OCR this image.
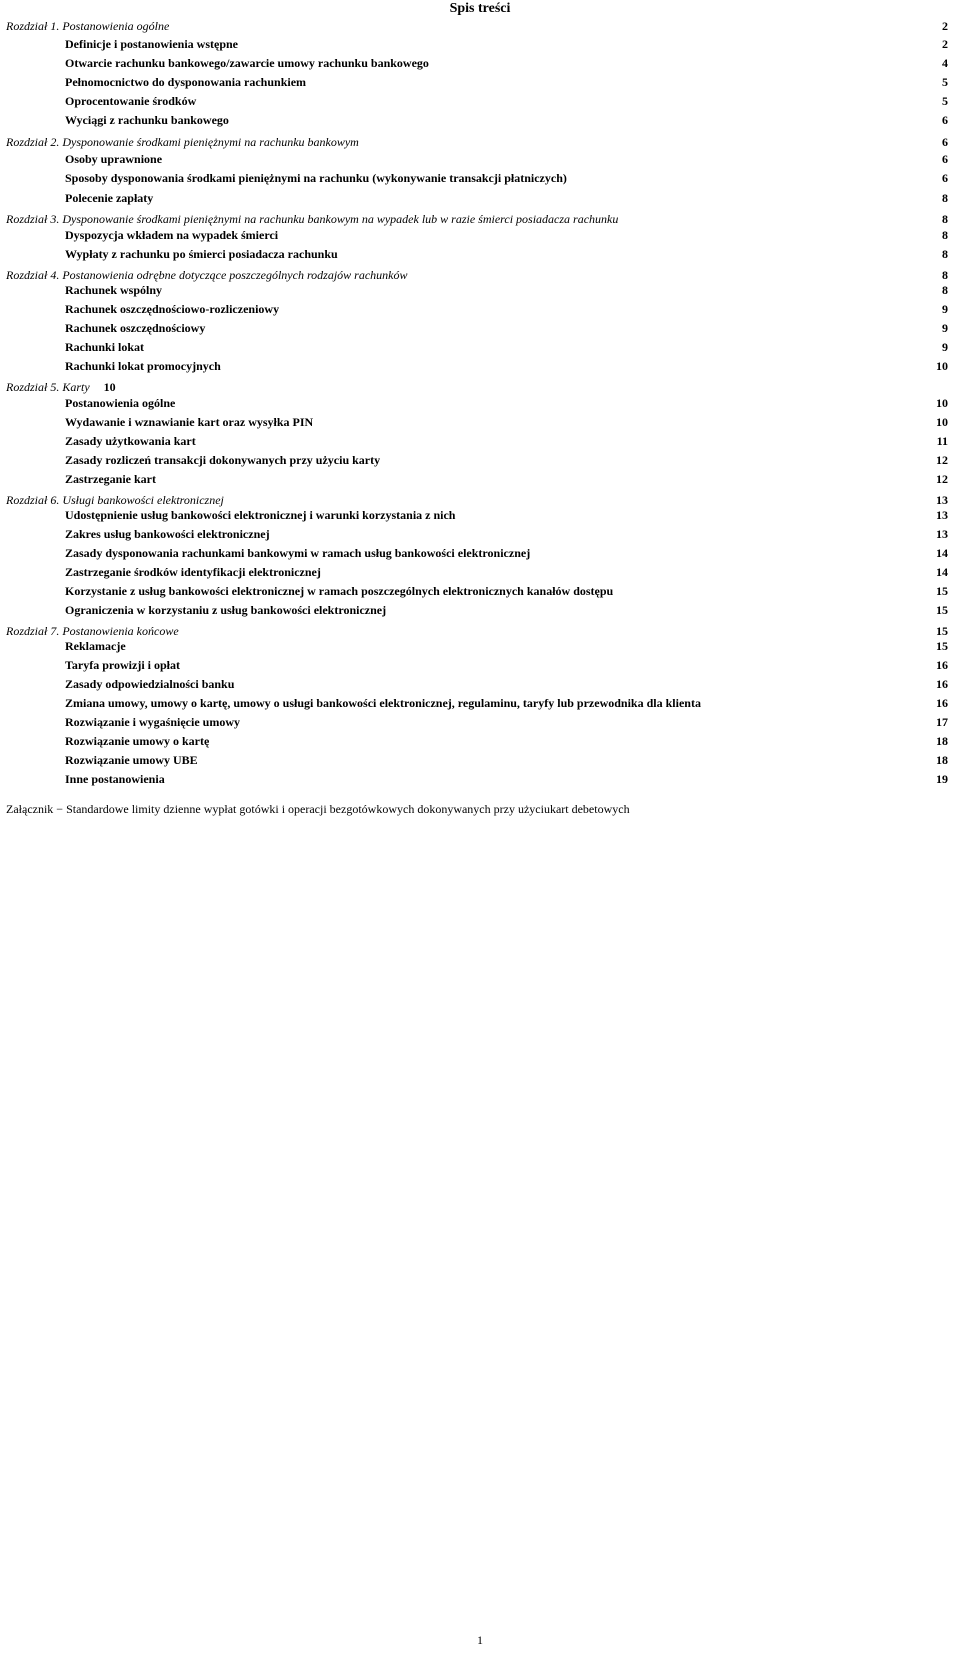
Spis treści
Rozdział 1. Postanowienia ogólne	2
Definicje i postanowienia wstępne	2
Otwarcie rachunku bankowego/zawarcie umowy rachunku bankowego	4
Pełnomocnictwo do dysponowania rachunkiem	5
Oprocentowanie środków	5
Wyciągi z rachunku bankowego	6
Rozdział 2. Dysponowanie środkami pieniężnymi na rachunku bankowym	6
Osoby uprawnione	6
Sposoby dysponowania środkami pieniężnymi na rachunku (wykonywanie transakcji płatniczych)	6
Polecenie zapłaty	8
Rozdział 3. Dysponowanie środkami pieniężnymi na rachunku bankowym na wypadek lub w razie śmierci posiadacza rachunku	8
Dyspozycja wkładem na wypadek śmierci	8
Wypłaty z rachunku po śmierci posiadacza rachunku	8
Rozdział 4. Postanowienia odrębne dotyczące poszczególnych rodzajów rachunków	8
Rachunek wspólny	8
Rachunek oszczędnościowo-rozliczeniowy	9
Rachunek oszczędnościowy	9
Rachunki lokat	9
Rachunki lokat promocyjnych	10
Rozdział 5. Karty 10
Postanowienia ogólne	10
Wydawanie i wznawianie kart oraz wysyłka PIN	10
Zasady użytkowania kart	11
Zasady rozliczeń transakcji dokonywanych przy użyciu karty	12
Zastrzeganie kart	12
Rozdział 6. Usługi bankowości elektronicznej	13
Udostępnienie usług bankowości elektronicznej i warunki korzystania z nich	13
Zakres usług bankowości elektronicznej	13
Zasady dysponowania rachunkami bankowymi w ramach usług bankowości elektronicznej	14
Zastrzeganie środków identyfikacji elektronicznej	14
Korzystanie z usług bankowości elektronicznej w ramach poszczególnych elektronicznych kanałów dostępu	15
Ograniczenia w korzystaniu z usług bankowości elektronicznej	15
Rozdział 7. Postanowienia końcowe	15
Reklamacje	15
Taryfa prowizji i opłat	16
Zasady odpowiedzialności banku	16
Zmiana umowy, umowy o kartę, umowy o usługi bankowości elektronicznej, regulaminu, taryfy lub przewodnika dla klienta	16
Rozwiązanie i wygaśnięcie umowy	17
Rozwiązanie umowy o kartę	18
Rozwiązanie umowy UBE	18
Inne postanowienia	19
Załącznik − Standardowe limity dzienne wypłat gotówki i operacji bezgotówkowych dokonywanych przy użyciukart debetowych
1
